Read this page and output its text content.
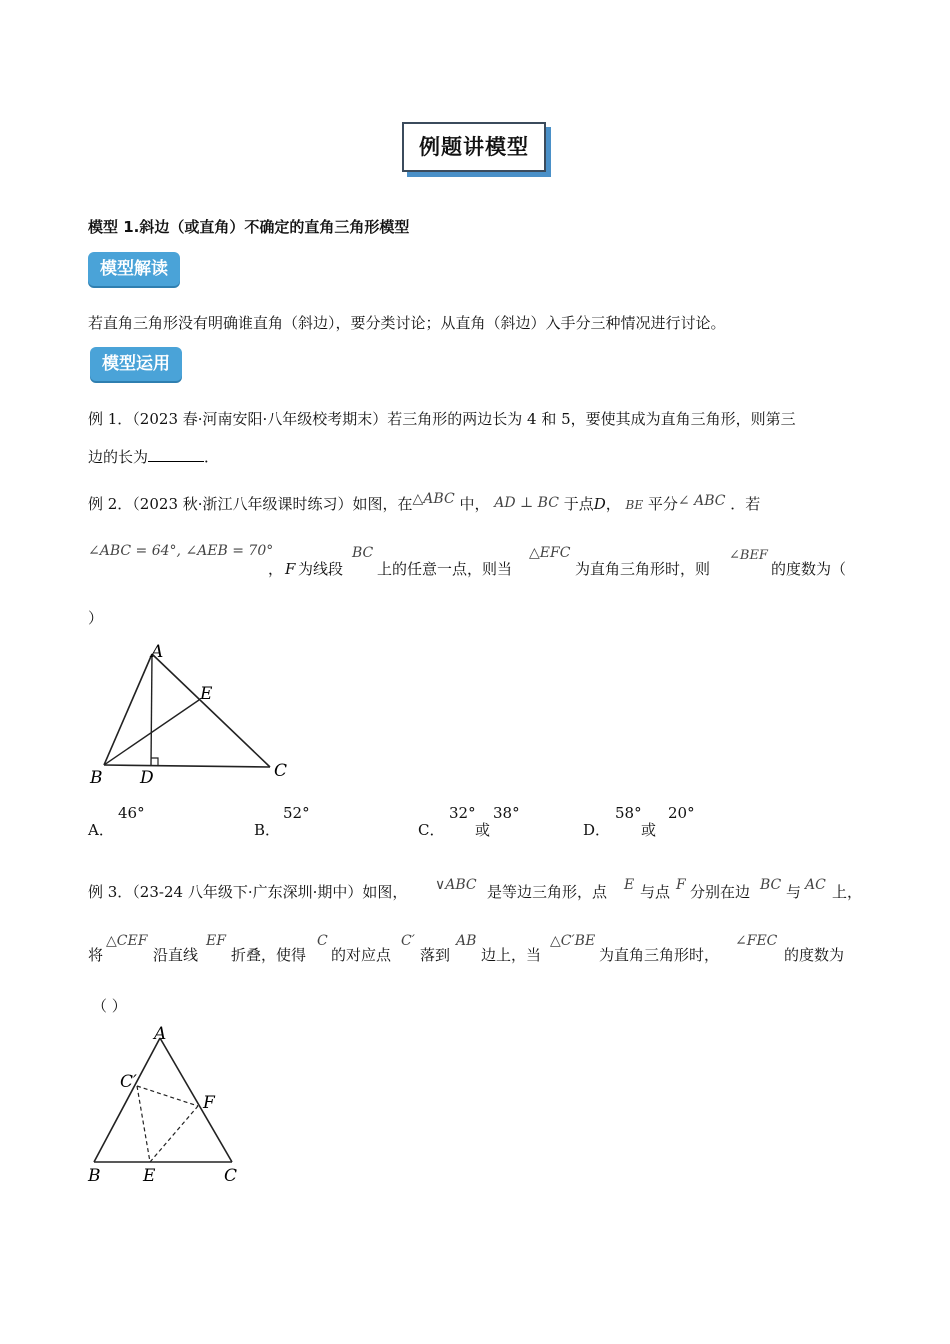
例题讲模型
模型 1.斜边（或直角）不确定的直角三角形模型
模型解读
若直角三角形没有明确谁直角（斜边），要分类讨论；从直角（斜边）入手分三种情况进行讨论。
模型运用
例 1．（2023 春·河南安阳·八年级校考期末）若三角形的两边长为 4 和 5，要使其成为直角三角形，则第三
边的长为	．
例 2．（2023 秋·浙江八年级课时练习）如图，在△ABC 中， AD ⊥ BC 于点D， BE 平分∠ ABC ．若
∠ABC = 64°, ∠AEB = 70°
， F 为线段
BC
上的任意一点，则当
△EFC
为直角三角形时，则
∠BEF
的度数为（
）
A
E
B D	C
A．
46°
B．
52°
C．
32°
或
38°
D．
58°
或
20°
例 3．（23-24 八年级下·广东深圳·期中）如图， ∨ABC 是等边三角形，点 E 与点 F 分别在边 BC 与 AC 上，
将
△CEF
沿直线
EF
折叠，使得
C
的对应点
C′
落到
AB
边上，当
△C′BE
为直角三角形时，
∠FEC
的度数为
（ ）
A
C′
F
B	E	C
